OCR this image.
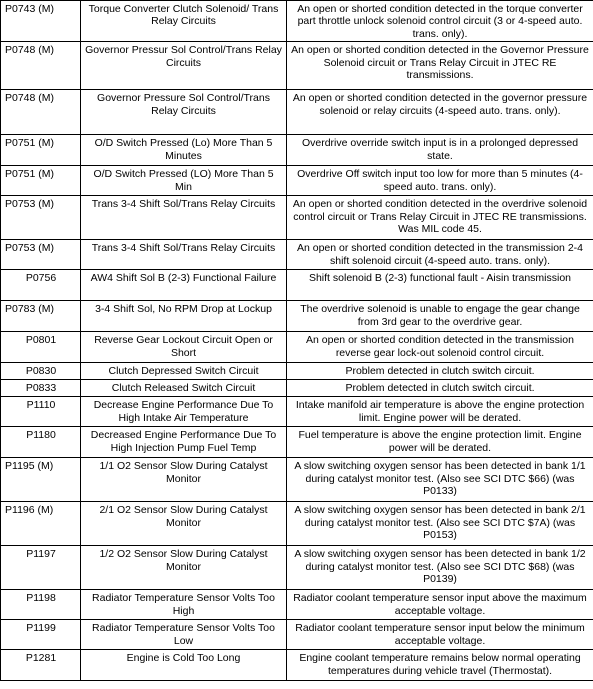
P0743 (M)	Torque Converter Clutch Solenoid/ Trans Relay Circuits	An open or shorted condition detected in the torque converter part throttle unlock solenoid control circuit (3 or 4-speed auto. trans. only).
P0748 (M)	Governor Pressur Sol Control/Trans Relay Circuits	An open or shorted condition detected in the Governor Pressure Solenoid circuit or Trans Relay Circuit in JTEC RE transmissions.
P0748 (M)	Governor Pressure Sol Control/Trans Relay Circuits	An open or shorted condition detected in the governor pressure solenoid or relay circuits (4-speed auto. trans. only).
P0751 (M)	O/D Switch Pressed (Lo) More Than 5 Minutes	Overdrive override switch input is in a prolonged depressed state.
P0751 (M)	O/D Switch Pressed (LO) More Than 5 Min	Overdrive Off switch input too low for more than 5 minutes (4-speed auto. trans. only).
P0753 (M)	Trans 3-4 Shift Sol/Trans Relay Circuits	An open or shorted condition detected in the overdrive solenoid control circuit or Trans Relay Circuit in JTEC RE transmissions. Was MIL code 45.
P0753 (M)	Trans 3-4 Shift Sol/Trans Relay Circuits	An open or shorted condition detected in the transmission 2-4 shift solenoid circuit (4-speed auto. trans. only).
P0756	AW4 Shift Sol B (2-3) Functional Failure	Shift solenoid B (2-3) functional fault - Aisin transmission
P0783 (M)	3-4 Shift Sol, No RPM Drop at Lockup	The overdrive solenoid is unable to engage the gear change from 3rd gear to the overdrive gear.
P0801	Reverse Gear Lockout Circuit Open or Short	An open or shorted condition detected in the transmission reverse gear lock-out solenoid control circuit.
P0830	Clutch Depressed Switch Circuit	Problem detected in clutch switch circuit.
P0833	Clutch Released Switch Circuit	Problem detected in clutch switch circuit.
P1110	Decrease Engine Performance Due To High Intake Air Temperature	Intake manifold air temperature is above the engine protection limit. Engine power will be derated.
P1180	Decreased Engine Performance Due To High Injection Pump Fuel Temp	Fuel temperature is above the engine protection limit. Engine power will be derated.
P1195 (M)	1/1 O2 Sensor Slow During Catalyst Monitor	A slow switching oxygen sensor has been detected in bank 1/1 during catalyst monitor test. (Also see SCI DTC $66) (was P0133)
P1196 (M)	2/1 O2 Sensor Slow During Catalyst Monitor	A slow switching oxygen sensor has been detected in bank 2/1 during catalyst monitor test. (Also see SCI DTC $7A) (was P0153)
P1197	1/2 O2 Sensor Slow During Catalyst Monitor	A slow switching oxygen sensor has been detected in bank 1/2 during catalyst monitor test. (Also see SCI DTC $68) (was P0139)
P1198	Radiator Temperature Sensor Volts Too High	Radiator coolant temperature sensor input above the maximum acceptable voltage.
P1199	Radiator Temperature Sensor Volts Too Low	Radiator coolant temperature sensor input below the minimum acceptable voltage.
P1281	Engine is Cold Too Long	Engine coolant temperature remains below normal operating temperatures during vehicle travel (Thermostat).
